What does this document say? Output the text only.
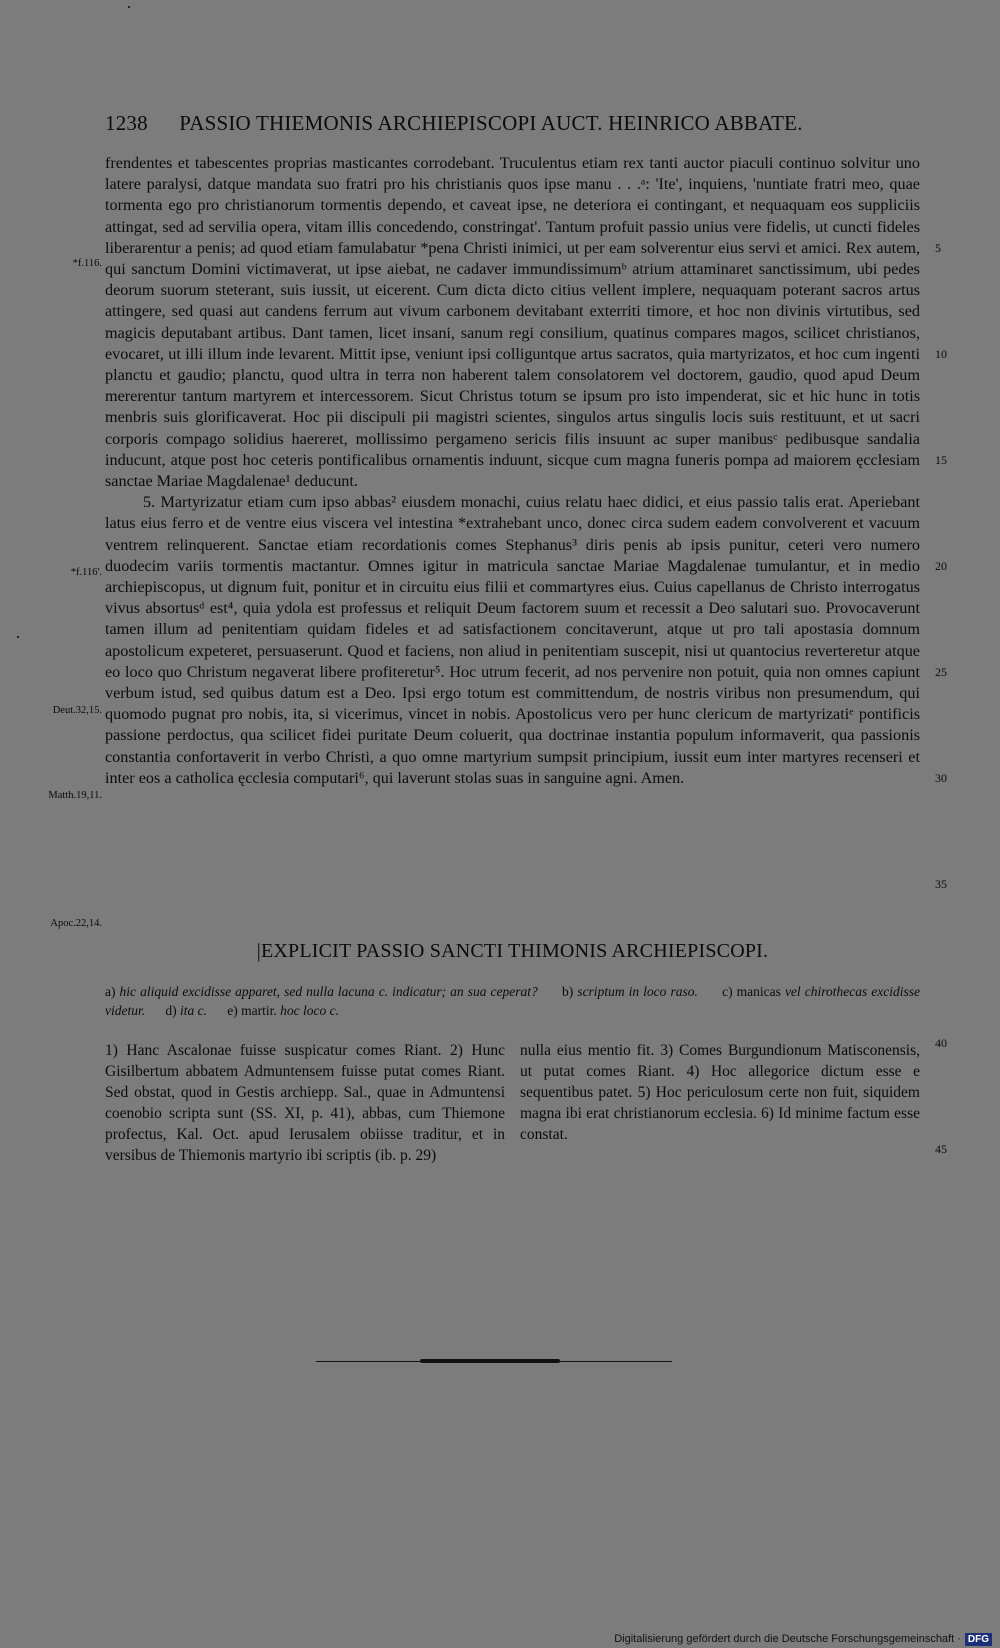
1238 PASSIO THIEMONIS ARCHIEPISCOPI AUCT. HEINRICO ABBATE.

frendentes et tabescentes proprias masticantes corrodebant. Truculentus etiam rex tanti auctor piaculi continuo solvitur uno latere paralysi, datque mandata suo fratri pro his christianis quos ipse manu . . .ᵃ: 'Ite', inquiens, 'nuntiate fratri meo, quae tormenta ego pro christianorum tormentis dependo, et caveat ipse, ne deteriora ei contingant, et nequaquam eos suppliciis attingat, sed ad servilia opera, vitam illis concedendo, constringat'. Tantum profuit passio unius vere fidelis, ut cuncti fideles liberarentur a penis; ad quod etiam famulabatur *pena Christi inimici, ut per eam solverentur eius servi et amici. Rex autem, qui sanctum Domini victimaverat, ut ipse aiebat, ne cadaver immundissimumᵇ atrium attaminaret sanctissimum, ubi pedes deorum suorum steterant, suis iussit, ut eicerent. Cum dicta dicto citius vellent implere, nequaquam poterant sacros artus attingere, sed quasi aut candens ferrum aut vivum carbonem devitabant exterriti timore, et hoc non divinis virtutibus, sed magicis deputabant artibus. Dant tamen, licet insani, sanum regi consilium, quatinus compares magos, scilicet christianos, evocaret, ut illi illum inde levarent. Mittit ipse, veniunt ipsi colliguntque artus sacratos, quia martyrizatos, et hoc cum ingenti planctu et gaudio; planctu, quod ultra in terra non haberent talem consolatorem vel doctorem, gaudio, quod apud Deum mererentur tantum martyrem et intercessorem. Sicut Christus totum se ipsum pro isto impenderat, sic et hic hunc in totis menbris suis glorificaverat. Hoc pii discipuli pii magistri scientes, singulos artus singulis locis suis restituunt, et ut sacri corporis compago solidius haereret, mollissimo pergameno sericis filis insuunt ac super manibusᶜ pedibusque sandalia inducunt, atque post hoc ceteris pontificalibus ornamentis induunt, sicque cum magna funeris pompa ad maiorem ęcclesiam sanctae Mariae Magdalenae¹ deducunt.

5. Martyrizatur etiam cum ipso abbas² eiusdem monachi, cuius relatu haec didici, et eius passio talis erat. Aperiebant latus eius ferro et de ventre eius viscera vel intestina *extrahebant unco, donec circa sudem eadem convolverent et vacuum ventrem relinquerent. Sanctae etiam recordationis comes Stephanus³ diris penis ab ipsis punitur, ceteri vero numero duodecim variis tormentis mactantur. Omnes igitur in matricula sanctae Mariae Magdalenae tumulantur, et in medio archiepiscopus, ut dignum fuit, ponitur et in circuitu eius filii et commartyres eius. Cuius capellanus de Christo interrogatus vivus absortusᵈ est⁴, quia ydola est professus et reliquit Deum factorem suum et recessit a Deo salutari suo. Provocaverunt tamen illum ad penitentiam quidam fideles et ad satisfactionem concitaverunt, atque ut pro tali apostasia domnum apostolicum expeteret, persuaserunt. Quod et faciens, non aliud in penitentiam suscepit, nisi ut quantocius reverteretur atque eo loco quo Christum negaverat libere profiteretur⁵. Hoc utrum fecerit, ad nos pervenire non potuit, quia non omnes capiunt verbum istud, sed quibus datum est a Deo. Ipsi ergo totum est committendum, de nostris viribus non presumendum, qui quomodo pugnat pro nobis, ita, si vicerimus, vincet in nobis. Apostolicus vero per hunc clericum de martyrizatiᵉ pontificis passione perdoctus, qua scilicet fidei puritate Deum coluerit, qua doctrinae instantia populum informaverit, qua passionis constantia confortaverit in verbo Christi, a quo omne martyrium sumpsit principium, iussit eum inter martyres recenseri et inter eos a catholica ęcclesia computari⁶, qui laverunt stolas suas in sanguine agni. Amen.

*f.116.
*f.116'.
Deut.32,15.
Matth.19,11.
Apoc.22,14.
5
10
15
20
25
30
35
40
45
|EXPLICIT PASSIO SANCTI THIMONIS ARCHIEPISCOPI.
a) hic aliquid excidisse apparet, sed nulla lacuna c. indicatur; an sua ceperat? b) scriptum in loco raso. c) manicas vel chirothecas excidisse videtur. d) ita c. e) martir. hoc loco c.
1) Hanc Ascalonae fuisse suspicatur comes Riant. 2) Hunc Gisilbertum abbatem Admuntensem fuisse putat comes Riant. Sed obstat, quod in Gestis archiepp. Sal., quae in Admuntensi coenobio scripta sunt (SS. XI, p. 41), abbas, cum Thiemone profectus, Kal. Oct. apud Ierusalem obiisse traditur, et in versibus de Thiemonis martyrio ibi scriptis (ib. p. 29)
nulla eius mentio fit. 3) Comes Burgundionum Matisconensis, ut putat comes Riant. 4) Hoc allegorice dictum esse e sequentibus patet. 5) Hoc periculosum certe non fuit, siquidem magna ibi erat christianorum ecclesia. 6) Id minime factum esse constat.
Digitalisierung gefördert durch die Deutsche Forschungsgemeinschaft · DFG
